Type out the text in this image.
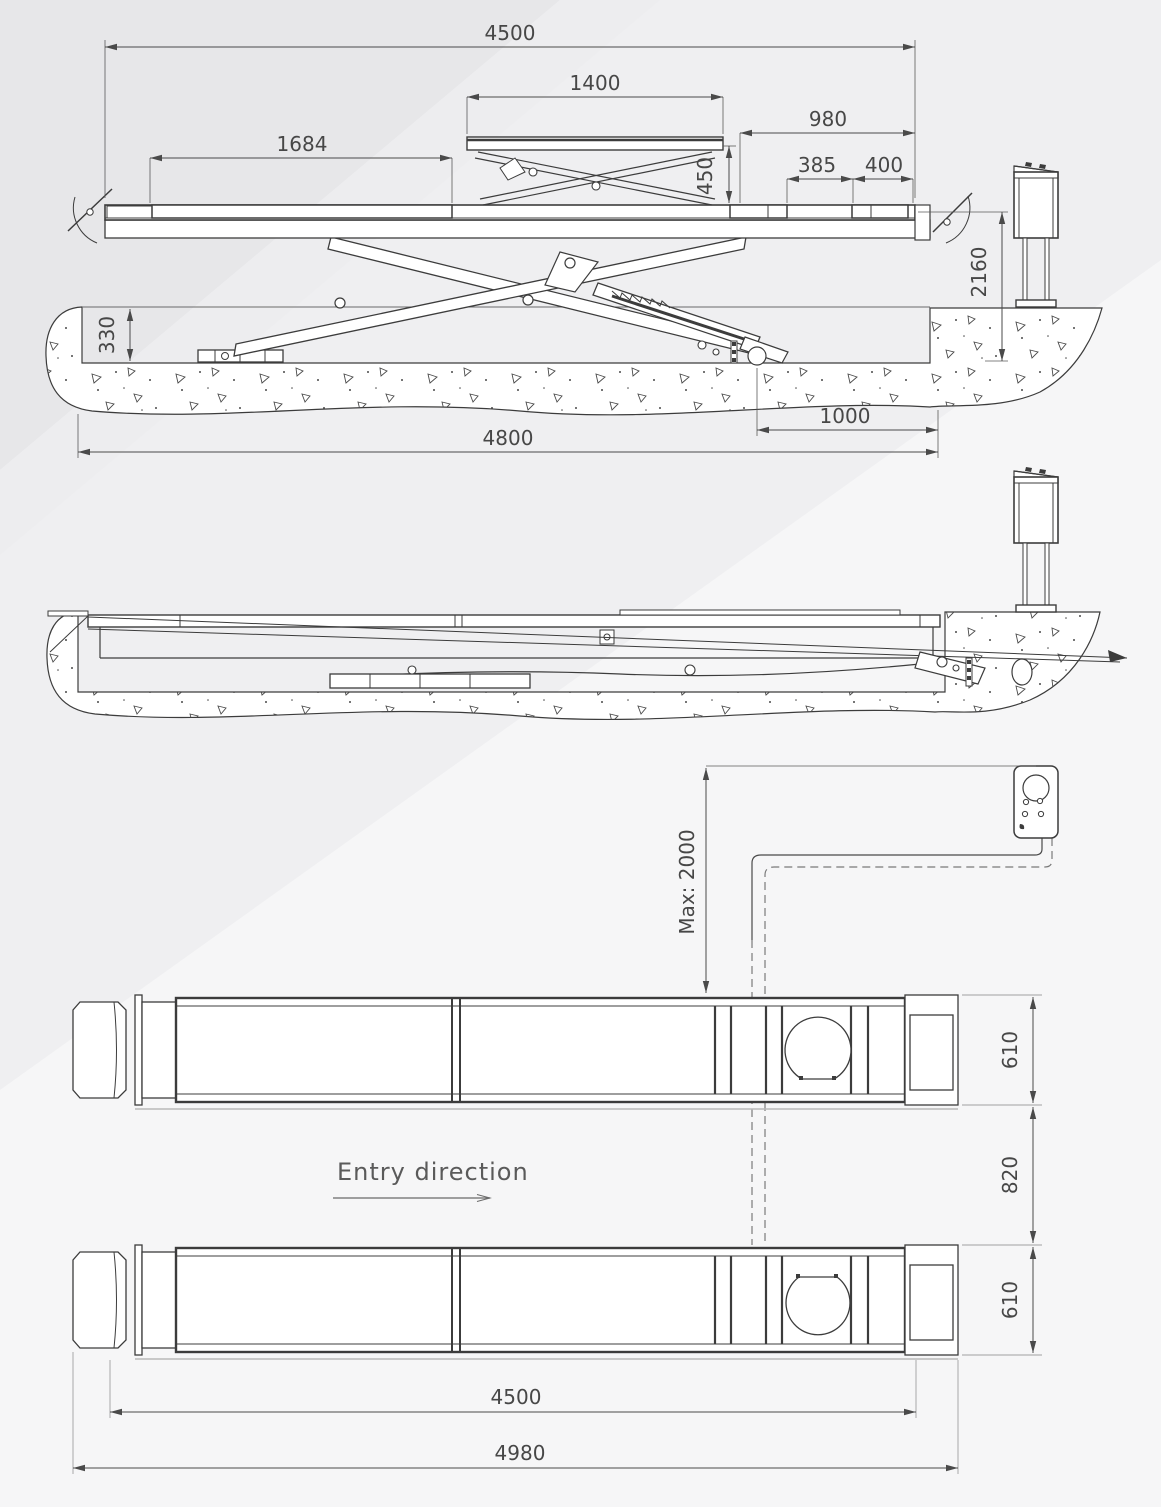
4500
1400
980
1684
385 400
450
2160
330
1000
4800
Entry direction
Max: 2000
610
820
610
4500
4980
